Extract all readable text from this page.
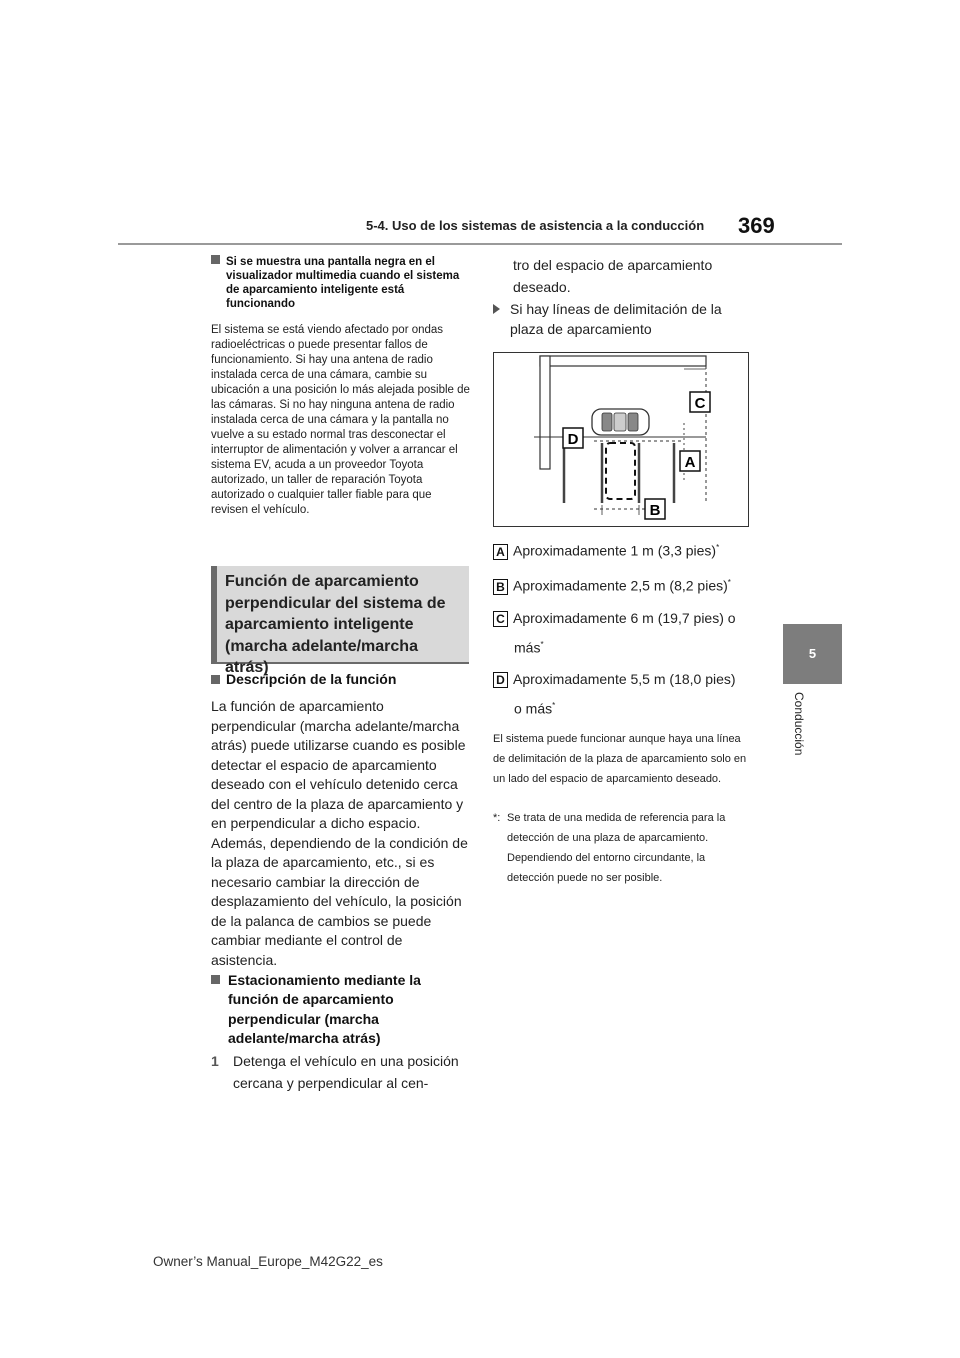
5-4. Uso de los sistemas de asistencia a la conducción 369
5
Conducción
Si se muestra una pantalla negra en el visualizador multimedia cuando el sistema de aparcamiento inteligente está funcionando
El sistema se está viendo afectado por ondas radioeléctricas o puede presentar fallos de funcionamiento. Si hay una antena de radio instalada cerca de una cámara, cambie su ubicación a una posición lo más alejada posible de las cámaras. Si no hay ninguna antena de radio instalada cerca de una cámara y la pantalla no vuelve a su estado normal tras desconectar el interruptor de alimentación y volver a arrancar el sistema EV, acuda a un proveedor Toyota autorizado, un taller de reparación Toyota autorizado o cualquier taller fiable para que revisen el vehículo.
Función de aparcamiento perpendicular del sistema de aparcamiento inteligente (marcha adelante/marcha atrás)
Descripción de la función
La función de aparcamiento perpendicular (marcha adelante/marcha atrás) puede utilizarse cuando es posible detectar el espacio de aparcamiento deseado con el vehículo detenido cerca del centro de la plaza de aparcamiento y en perpendicular a dicho espacio. Además, dependiendo de la condición de la plaza de aparcamiento, etc., si es necesario cambiar la dirección de desplazamiento del vehículo, la posición de la palanca de cambios se puede cambiar mediante el control de asistencia.
Estacionamiento mediante la función de aparcamiento perpendicular (marcha adelante/marcha atrás)
1 Detenga el vehículo en una posición cercana y perpendicular al cen-
tro del espacio de aparcamiento deseado.
Si hay líneas de delimitación de la plaza de aparcamiento
C
D
A
B
A Aproximadamente 1 m (3,3 pies)*
B Aproximadamente 2,5 m (8,2 pies)*
C Aproximadamente 6 m (19,7 pies) o
más*
D Aproximadamente 5,5 m (18,0 pies)
o más*
El sistema puede funcionar aunque haya una línea de delimitación de la plaza de aparcamiento solo en un lado del espacio de aparcamiento deseado.
*: Se trata de una medida de referencia para la detección de una plaza de aparcamiento. Dependiendo del entorno circundante, la detección puede no ser posible.
Owner’s Manual_Europe_M42G22_es
